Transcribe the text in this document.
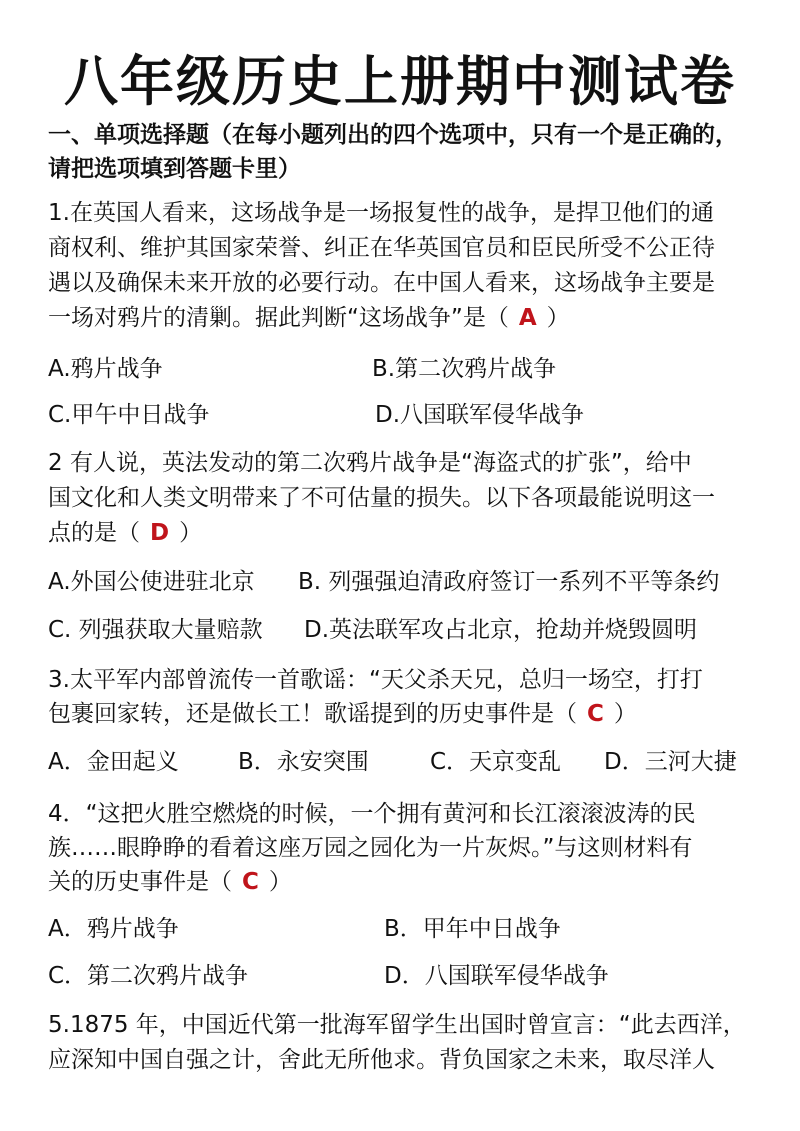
八年级历史上册期中测试卷
一、单项选择题（在每小题列出的四个选项中，只有一个是正确的，
请把选项填到答题卡里）
1.在英国人看来，这场战争是一场报复性的战争，是捍卫他们的通
商权利、维护其国家荣誉、纠正在华英国官员和臣民所受不公正待
遇以及确保未来开放的必要行动。在中国人看来，这场战争主要是
一场对鸦片的清剿。据此判断“这场战争”是（ A ）
A.鸦片战争	B.第二次鸦片战争
C.甲午中日战争	D.八国联军侵华战争
2 有人说，英法发动的第二次鸦片战争是“海盗式的扩张”，给中
国文化和人类文明带来了不可估量的损失。以下各项最能说明这一
点的是（ D ）
A.外国公使进驻北京 B. 列强强迫清政府签订一系列不平等条约
C. 列强获取大量赔款 D.英法联军攻占北京，抢劫并烧毁圆明
3.太平军内部曾流传一首歌谣：“天父杀天兄，总归一场空，打打
包裹回家转，还是做长工！歌谣提到的历史事件是（ C ）
A．金田起义	B．永安突围	C．天京变乱 D．三河大捷
4．“这把火胜空燃烧的时候，一个拥有黄河和长江滚滚波涛的民
族……眼睁睁的看着这座万园之园化为一片灰烬。”与这则材料有
关的历史事件是（ C ）
A．鸦片战争	B．甲年中日战争
C．第二次鸦片战争	D．八国联军侵华战争
5.1875 年，中国近代第一批海军留学生出国时曾宣言：“此去西洋，
应深知中国自强之计，舍此无所他求。背负国家之未来，取尽洋人
